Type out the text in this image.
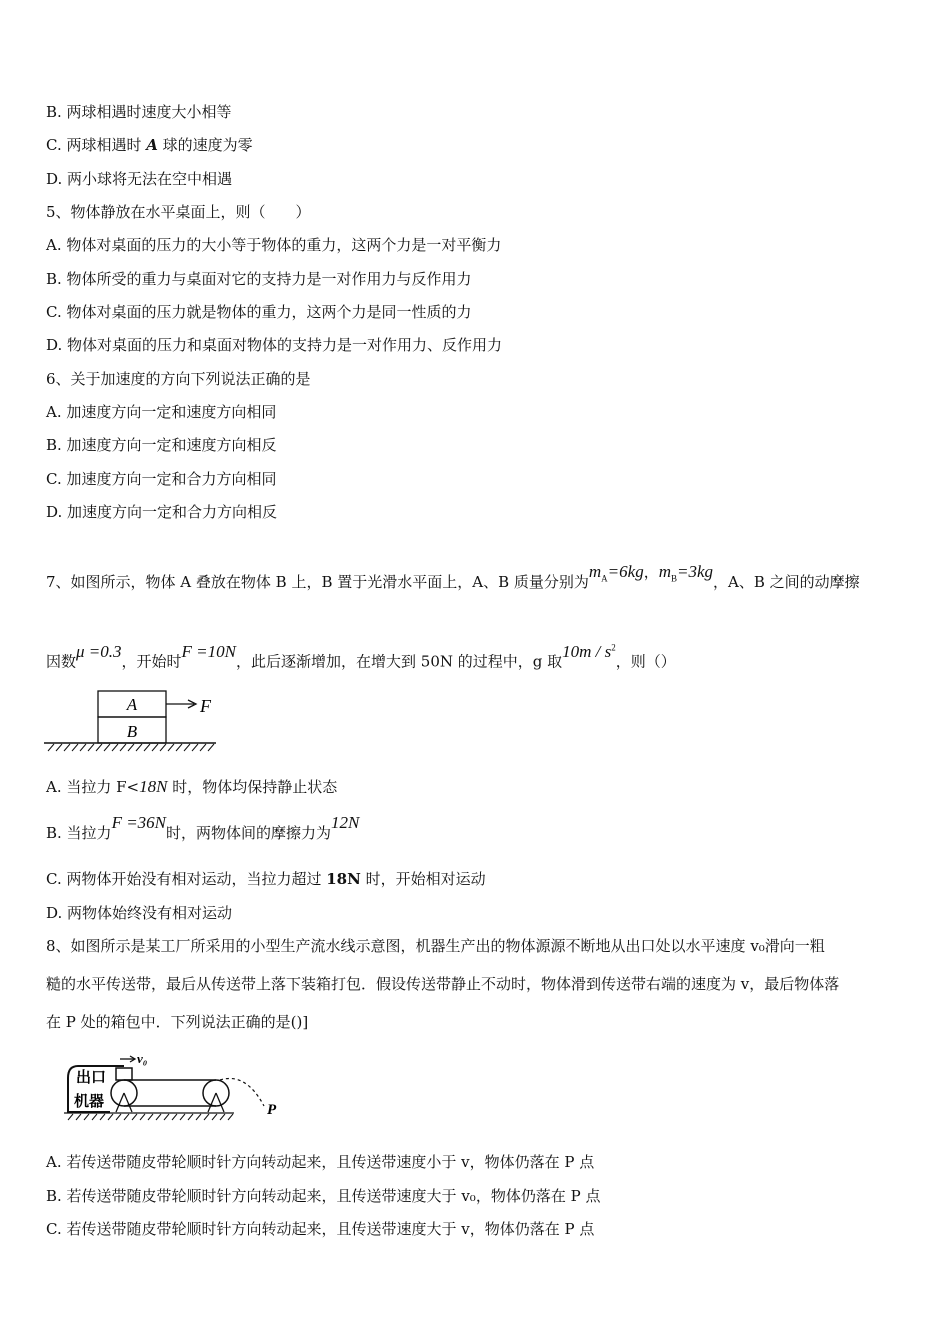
B. 两球相遇时速度大小相等
C. 两球相遇时 A 球的速度为零
D. 两小球将无法在空中相遇
5、物体静放在水平桌面上，则（　　）
A. 物体对桌面的压力的大小等于物体的重力，这两个力是一对平衡力
B. 物体所受的重力与桌面对它的支持力是一对作用力与反作用力
C. 物体对桌面的压力就是物体的重力，这两个力是同一性质的力
D. 物体对桌面的压力和桌面对物体的支持力是一对作用力、反作用力
6、关于加速度的方向下列说法正确的是
A. 加速度方向一定和速度方向相同
B. 加速度方向一定和速度方向相反
C. 加速度方向一定和合力方向相同
D. 加速度方向一定和合力方向相反
7、如图所示，物体 A 叠放在物体 B 上，B 置于光滑水平面上，A、B 质量分别为$m_A=6kg$，$m_B=3kg$，A、B 之间的动摩擦
因数μ =0.3，开始时F =10N，此后逐渐增加，在增大到 50N 的过程中，g 取$10m / s^2$，则（）
A
B
F
A. 当拉力 F<18N 时，物体均保持静止状态
B. 当拉力F =36N时，两物体间的摩擦力为12N
C. 两物体开始没有相对运动，当拉力超过 18N 时，开始相对运动
D. 两物体始终没有相对运动
8、如图所示是某工厂所采用的小型生产流水线示意图，机器生产出的物体源源不断地从出口处以水平速度 v₀滑向一粗
糙的水平传送带，最后从传送带上落下装箱打包．假设传送带静止不动时，物体滑到传送带右端的速度为 v，最后物体落
在 P 处的箱包中．下列说法正确的是()]
出口
机器
v₀
P
A. 若传送带随皮带轮顺时针方向转动起来，且传送带速度小于 v，物体仍落在 P 点
B. 若传送带随皮带轮顺时针方向转动起来，且传送带速度大于 v₀，物体仍落在 P 点
C. 若传送带随皮带轮顺时针方向转动起来，且传送带速度大于 v，物体仍落在 P 点
